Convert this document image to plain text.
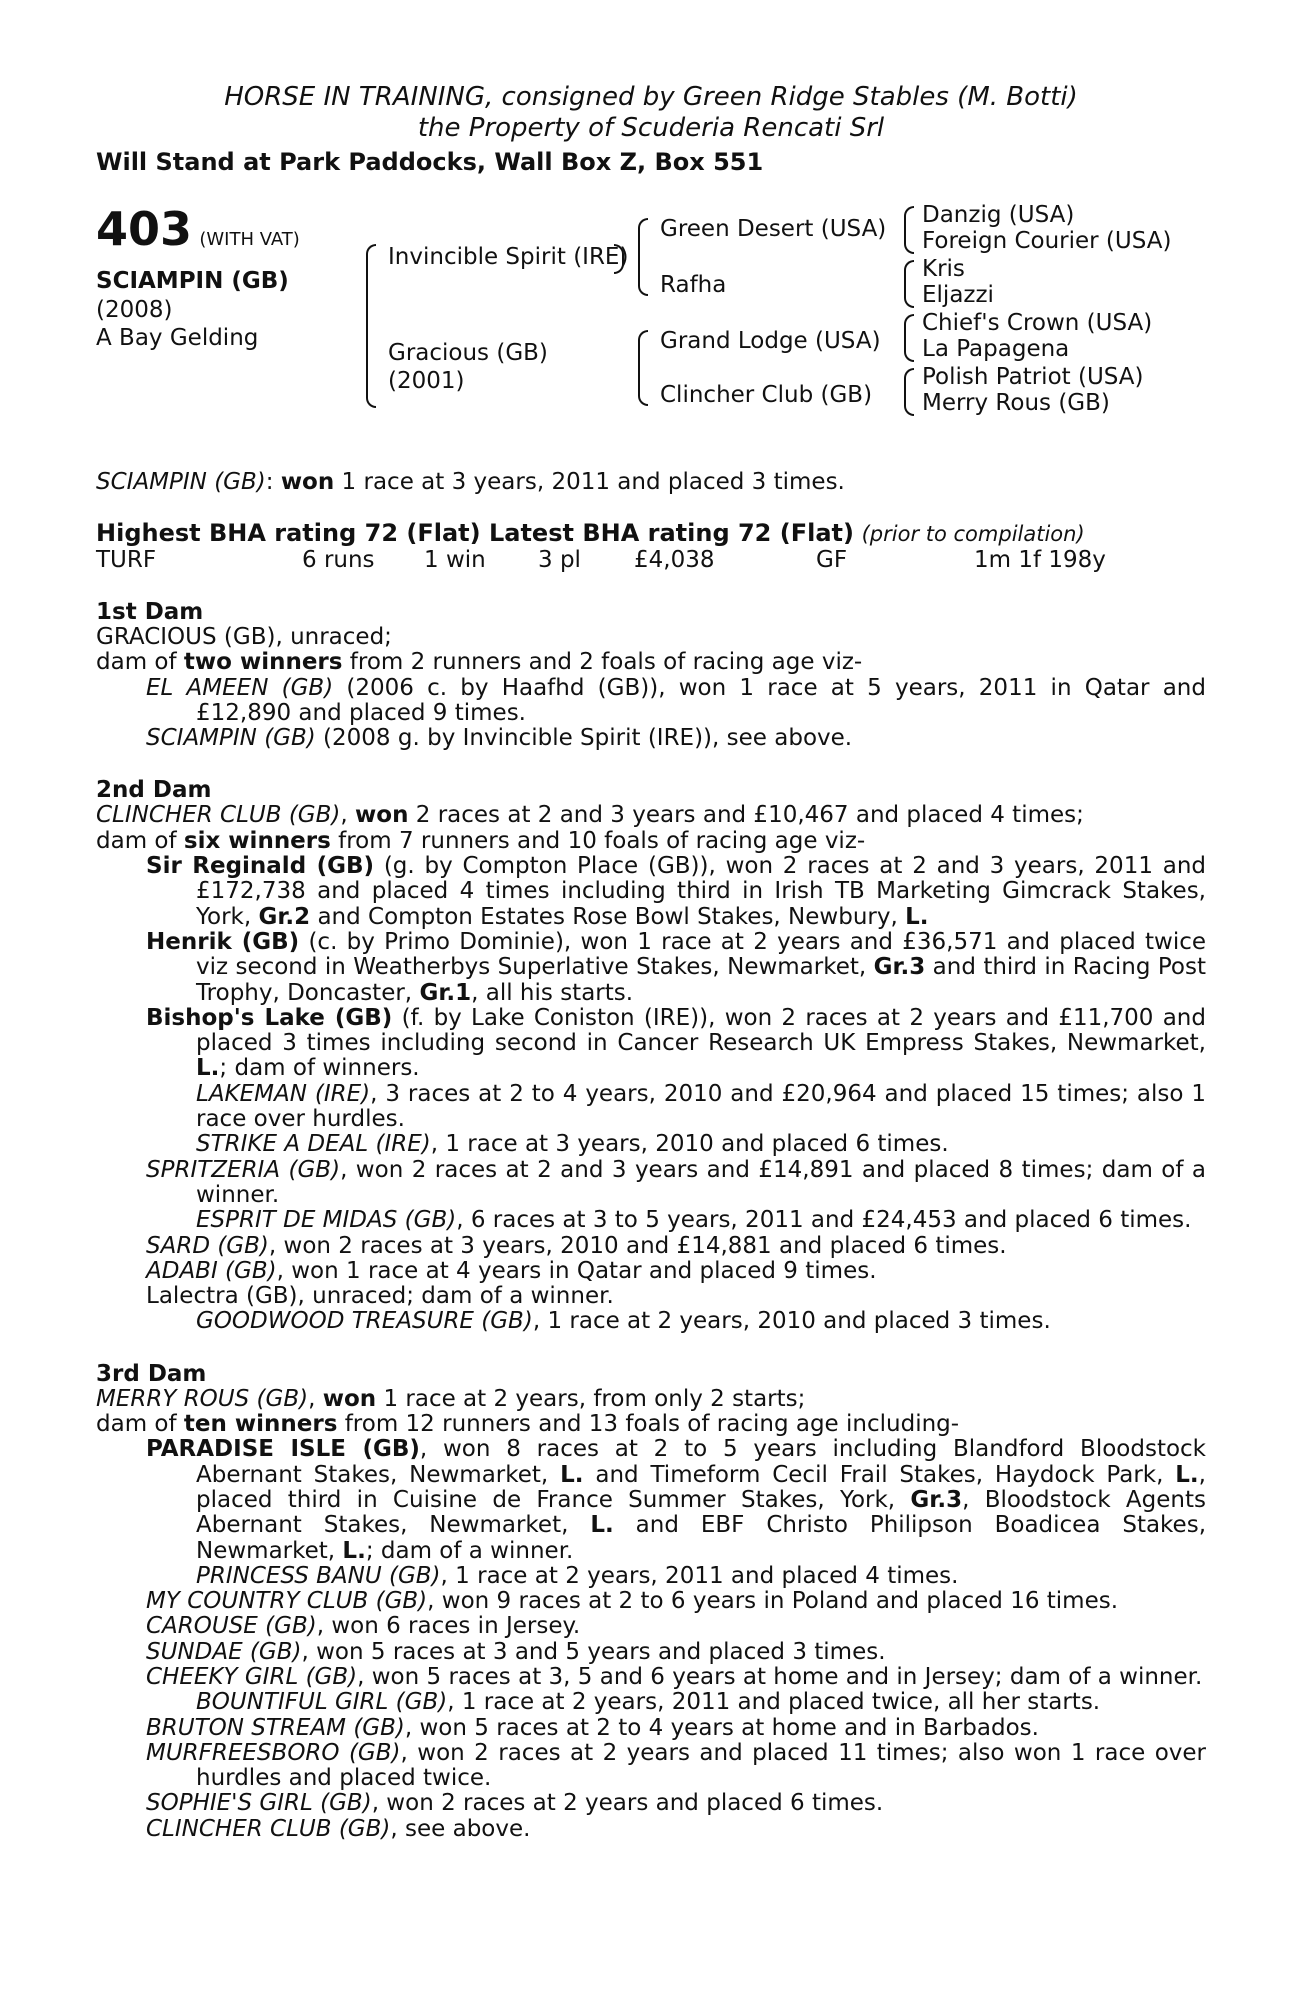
HORSE IN TRAINING, consigned by Green Ridge Stables (M. Botti)
the Property of Scuderia Rencati Srl
Will Stand at Park Paddocks, Wall Box Z, Box 551
403 (WITH VAT)
SCIAMPIN (GB)
(2008)
A Bay Gelding
Invincible Spirit (IRE)
Gracious (GB)
(2001)
Green Desert (USA)
Rafha
Grand Lodge (USA)
Clincher Club (GB)
Danzig (USA)
Foreign Courier (USA)
Kris
Eljazzi
Chief's Crown (USA)
La Papagena
Polish Patriot (USA)
Merry Rous (GB)
SCIAMPIN (GB): won 1 race at 3 years, 2011 and placed 3 times.
Highest BHA rating 72 (Flat) Latest BHA rating 72 (Flat) (prior to compilation)
TURF	6 runs 1 win 3 pl £4,038	GF	1m 1f 198y
1st Dam
GRACIOUS (GB), unraced;
dam of two winners from 2 runners and 2 foals of racing age viz-
EL AMEEN (GB) (2006 c. by Haafhd (GB)), won 1 race at 5 years, 2011 in Qatar and £12,890 and placed 9 times.
SCIAMPIN (GB) (2008 g. by Invincible Spirit (IRE)), see above.
2nd Dam
CLINCHER CLUB (GB), won 2 races at 2 and 3 years and £10,467 and placed 4 times;
dam of six winners from 7 runners and 10 foals of racing age viz-
Sir Reginald (GB) (g. by Compton Place (GB)), won 2 races at 2 and 3 years, 2011 and £172,738 and placed 4 times including third in Irish TB Marketing Gimcrack Stakes, York, Gr.2 and Compton Estates Rose Bowl Stakes, Newbury, L.
Henrik (GB) (c. by Primo Dominie), won 1 race at 2 years and £36,571 and placed twice viz second in Weatherbys Superlative Stakes, Newmarket, Gr.3 and third in Racing Post Trophy, Doncaster, Gr.1, all his starts.
Bishop's Lake (GB) (f. by Lake Coniston (IRE)), won 2 races at 2 years and £11,700 and placed 3 times including second in Cancer Research UK Empress Stakes, Newmarket, L.; dam of winners.
LAKEMAN (IRE), 3 races at 2 to 4 years, 2010 and £20,964 and placed 15 times; also 1 race over hurdles.
STRIKE A DEAL (IRE), 1 race at 3 years, 2010 and placed 6 times.
SPRITZERIA (GB), won 2 races at 2 and 3 years and £14,891 and placed 8 times; dam of a winner.
ESPRIT DE MIDAS (GB), 6 races at 3 to 5 years, 2011 and £24,453 and placed 6 times.
SARD (GB), won 2 races at 3 years, 2010 and £14,881 and placed 6 times.
ADABI (GB), won 1 race at 4 years in Qatar and placed 9 times.
Lalectra (GB), unraced; dam of a winner.
GOODWOOD TREASURE (GB), 1 race at 2 years, 2010 and placed 3 times.
3rd Dam
MERRY ROUS (GB), won 1 race at 2 years, from only 2 starts;
dam of ten winners from 12 runners and 13 foals of racing age including-
PARADISE ISLE (GB), won 8 races at 2 to 5 years including Blandford Bloodstock Abernant Stakes, Newmarket, L. and Timeform Cecil Frail Stakes, Haydock Park, L., placed third in Cuisine de France Summer Stakes, York, Gr.3, Bloodstock Agents Abernant Stakes, Newmarket, L. and EBF Christo Philipson Boadicea Stakes, Newmarket, L.; dam of a winner.
PRINCESS BANU (GB), 1 race at 2 years, 2011 and placed 4 times.
MY COUNTRY CLUB (GB), won 9 races at 2 to 6 years in Poland and placed 16 times.
CAROUSE (GB), won 6 races in Jersey.
SUNDAE (GB), won 5 races at 3 and 5 years and placed 3 times.
CHEEKY GIRL (GB), won 5 races at 3, 5 and 6 years at home and in Jersey; dam of a winner.
BOUNTIFUL GIRL (GB), 1 race at 2 years, 2011 and placed twice, all her starts.
BRUTON STREAM (GB), won 5 races at 2 to 4 years at home and in Barbados.
MURFREESBORO (GB), won 2 races at 2 years and placed 11 times; also won 1 race over hurdles and placed twice.
SOPHIE'S GIRL (GB), won 2 races at 2 years and placed 6 times.
CLINCHER CLUB (GB), see above.
